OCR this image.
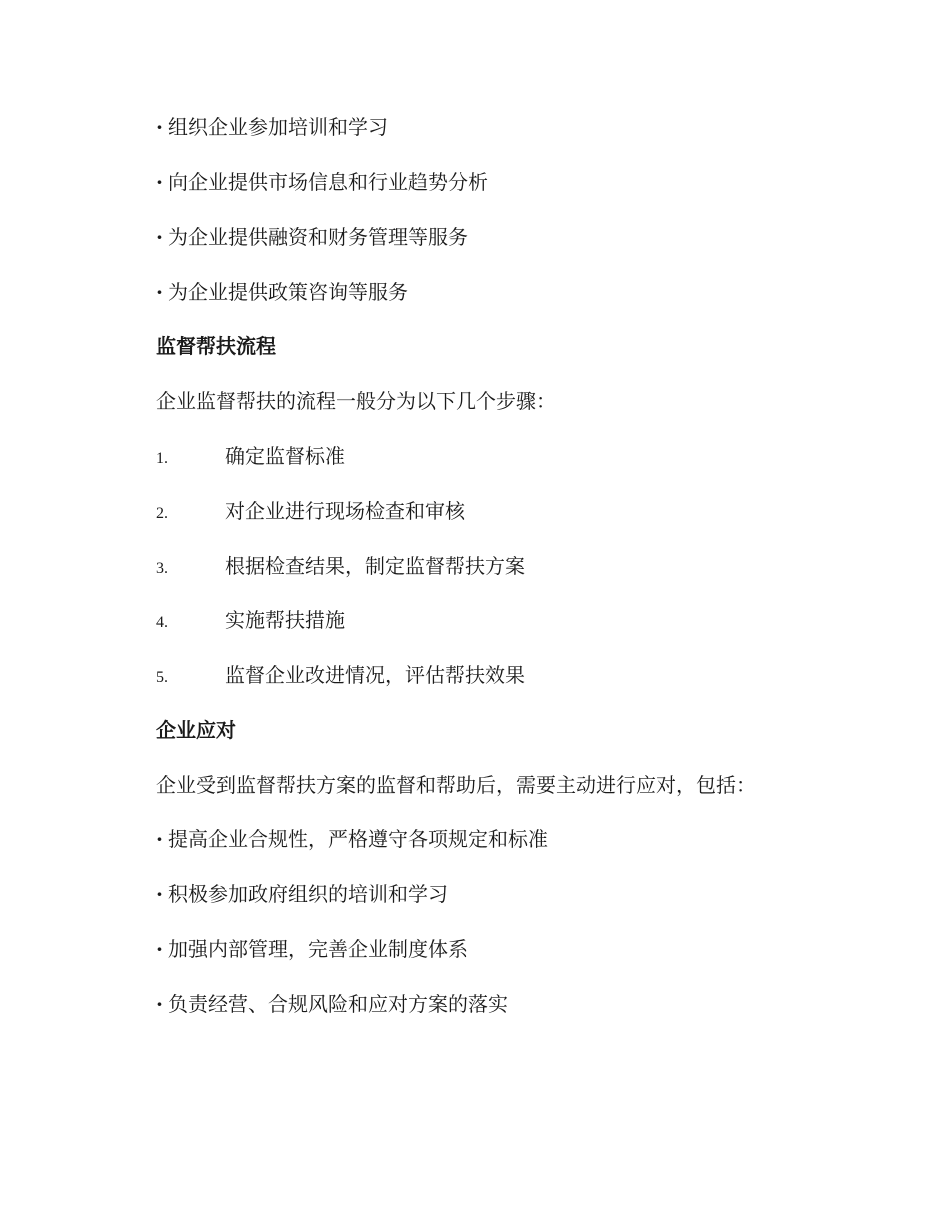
· 组织企业参加培训和学习
· 向企业提供市场信息和行业趋势分析
· 为企业提供融资和财务管理等服务
· 为企业提供政策咨询等服务
监督帮扶流程
企业监督帮扶的流程一般分为以下几个步骤：
1.	确定监督标准
2.	对企业进行现场检查和审核
3.	根据检查结果，制定监督帮扶方案
4.	实施帮扶措施
5.	监督企业改进情况，评估帮扶效果
企业应对
企业受到监督帮扶方案的监督和帮助后，需要主动进行应对，包括：
· 提高企业合规性，严格遵守各项规定和标准
· 积极参加政府组织的培训和学习
· 加强内部管理，完善企业制度体系
· 负责经营、合规风险和应对方案的落实
